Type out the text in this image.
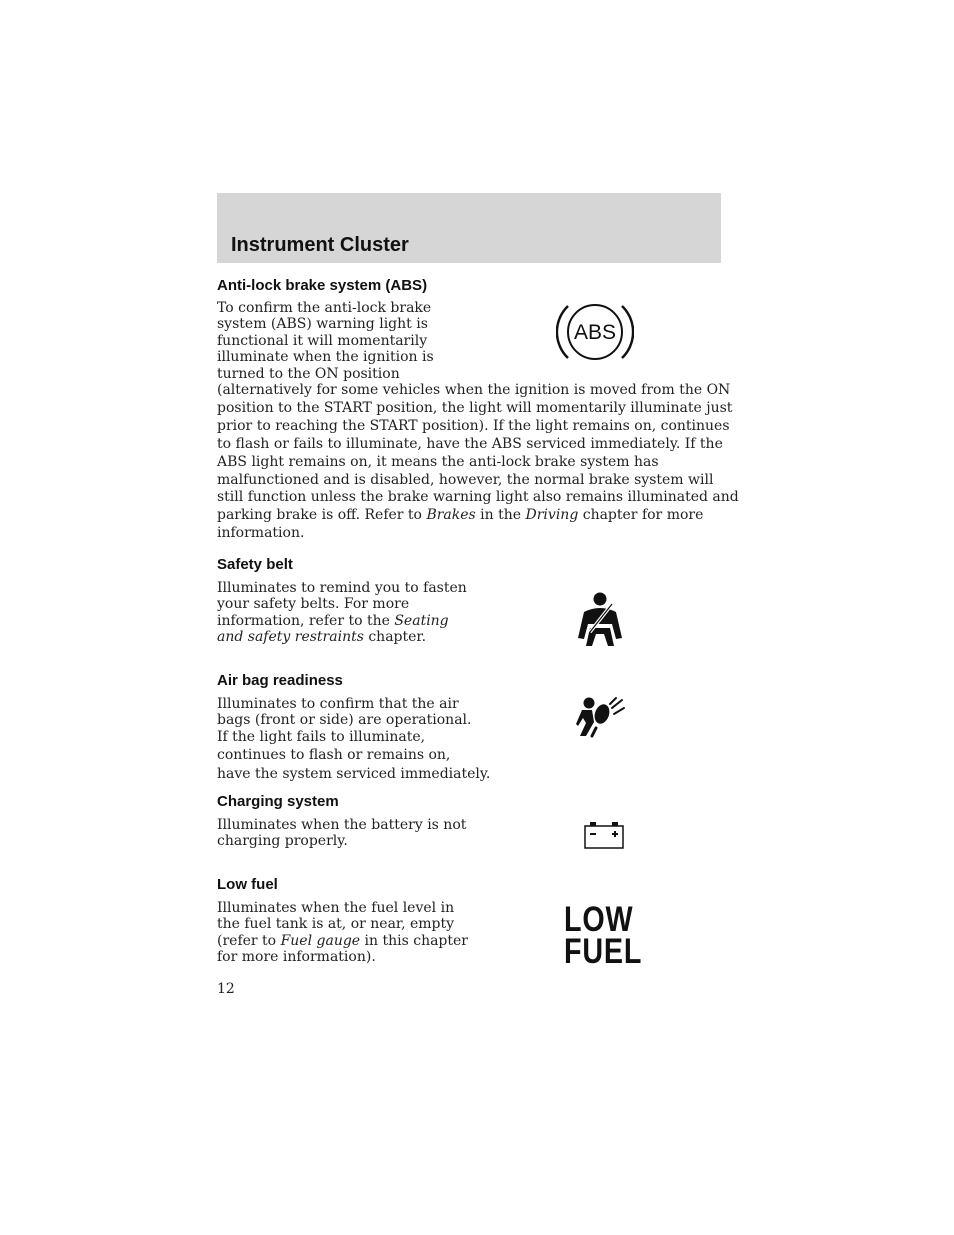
Instrument Cluster
Anti-lock brake system (ABS)
To confirm the anti-lock brake
system (ABS) warning light is
functional it will momentarily
illuminate when the ignition is
turned to the ON position
(alternatively for some vehicles when the ignition is moved from the ON
position to the START position, the light will momentarily illuminate just
prior to reaching the START position). If the light remains on, continues
to flash or fails to illuminate, have the ABS serviced immediately. If the
ABS light remains on, it means the anti-lock brake system has
malfunctioned and is disabled, however, the normal brake system will
still function unless the brake warning light also remains illuminated and
parking brake is off. Refer to Brakes in the Driving chapter for more
information.
ABS
Safety belt
Illuminates to remind you to fasten
your safety belts. For more
information, refer to the Seating
and safety restraints chapter.
Air bag readiness
Illuminates to confirm that the air
bags (front or side) are operational.
If the light fails to illuminate,
continues to flash or remains on,
have the system serviced immediately.
Charging system
Illuminates when the battery is not
charging properly.
Low fuel
Illuminates when the fuel level in
the fuel tank is at, or near, empty
(refer to Fuel gauge in this chapter
for more information).
LOW
FUEL
12
